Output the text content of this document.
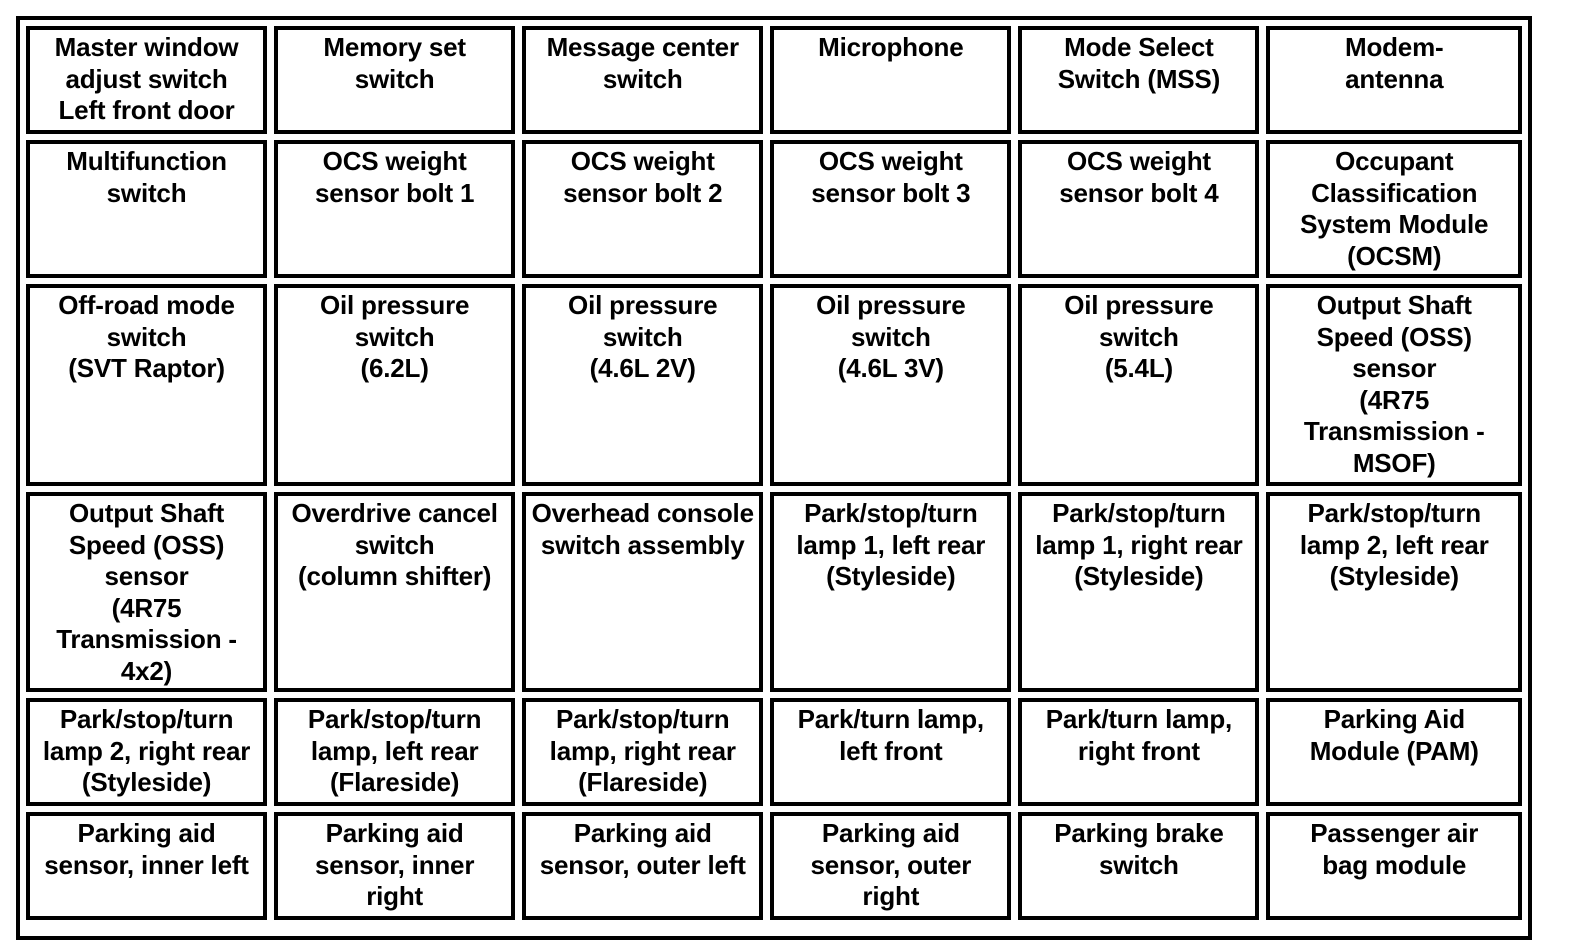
Master window
adjust switch
Left front door
Memory set
switch
Message center
switch
Microphone	Mode Select
Switch (MSS)
Modem-
antenna
Multifunction
switch
OCS weight
sensor bolt 1
OCS weight
sensor bolt 2
OCS weight
sensor bolt 3
OCS weight
sensor bolt 4
Occupant
Classification
System Module
(OCSM)
Off-road mode
switch
(SVT Raptor)
Oil pressure
switch
(6.2L)
Oil pressure
switch
(4.6L 2V)
Oil pressure
switch
(4.6L 3V)
Oil pressure
switch
(5.4L)
Output Shaft
Speed (OSS)
sensor
(4R75
Transmission -
MSOF)
Output Shaft
Speed (OSS)
sensor
(4R75
Transmission -
4x2)
Overdrive cancel
switch
(column shifter)
Overhead console
switch assembly
Park/stop/turn
lamp 1, left rear
(Styleside)
Park/stop/turn
lamp 1, right rear
(Styleside)
Park/stop/turn
lamp 2, left rear
(Styleside)
Park/stop/turn
lamp 2, right rear
(Styleside)
Park/stop/turn
lamp, left rear
(Flareside)
Park/stop/turn
lamp, right rear
(Flareside)
Park/turn lamp,
left front
Park/turn lamp,
right front
Parking Aid
Module (PAM)
Parking aid
sensor, inner left
Parking aid
sensor, inner
right
Parking aid
sensor, outer left
Parking aid
sensor, outer
right
Parking brake
switch
Passenger air
bag module
